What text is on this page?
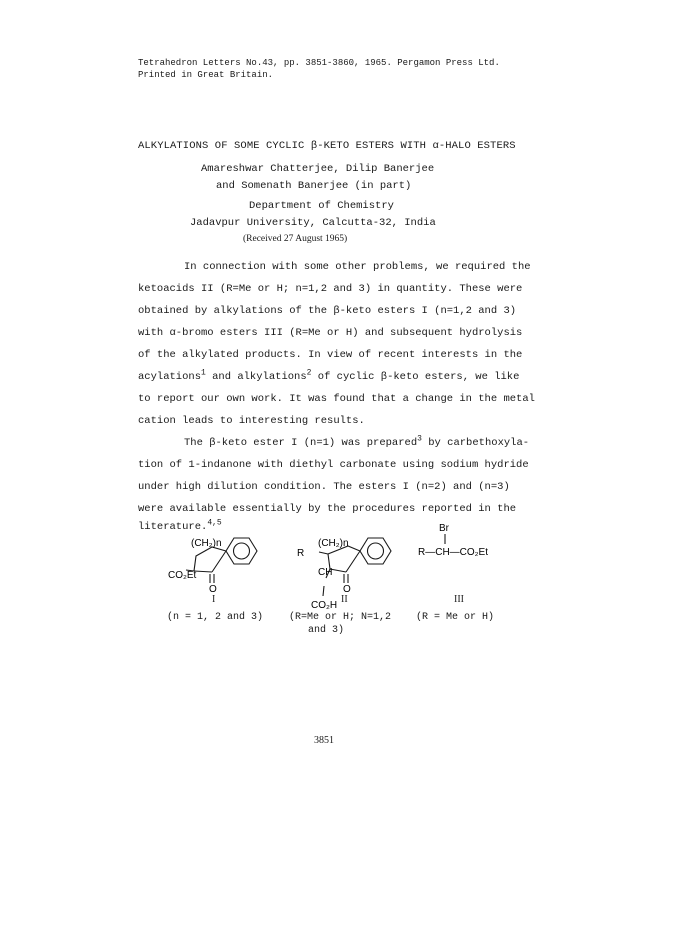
Tetrahedron Letters No.43, pp. 3851-3860, 1965. Pergamon Press Ltd.
Printed in Great Britain.
ALKYLATIONS OF SOME CYCLIC β-KETO ESTERS WITH α-HALO ESTERS
Amareshwar Chatterjee, Dilip Banerjee
and Somenath Banerjee (in part)
Department of Chemistry
Jadavpur University, Calcutta-32, India
(Received 27 August 1965)
In connection with some other problems, we required the
ketoacids II (R=Me or H; n=1,2 and 3) in quantity. These were
obtained by alkylations of the β-keto esters I (n=1,2 and 3)
with α-bromo esters III (R=Me or H) and subsequent hydrolysis
of the alkylated products. In view of recent interests in the
acylations$^1$ and alkylations$^2$ of cyclic β-keto esters, we like
to report our own work. It was found that a change in the metal
cation leads to interesting results.
The β-keto ester I (n=1) was prepared$^3$ by carbethoxyla-
tion of 1-indanone with diethyl carbonate using sodium hydride
under high dilution condition. The esters I (n=2) and (n=3)
were available essentially by the procedures reported in the
literature.$^{4,5}$
(CH₂)n
CO₂Et
O
(CH₂)n
R
CH
O
CO₂H
Br
R—CH—CO₂Et
I	II	III
(n = 1, 2 and 3)	(R=Me or H; N=1,2
and 3)
(R = Me or H)
3851
